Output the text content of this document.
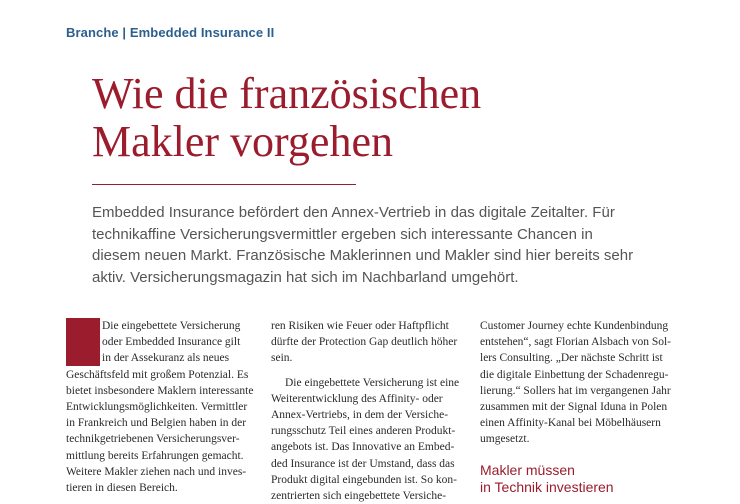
Branche | Embedded Insurance II
Wie die französischen
Makler vorgehen
Embedded Insurance befördert den Annex-Vertrieb in das digitale Zeitalter. Für
technikaffine Versicherungsvermittler ergeben sich interessante Chancen in
diesem neuen Markt. Französische Maklerinnen und Makler sind hier bereits sehr
aktiv. Versicherungsmagazin hat sich im Nachbarland umgehört.
Die eingebettete Versicherung
oder Embedded Insurance gilt
in der Assekuranz als neues
Geschäftsfeld mit großem Potenzial. Es
bietet insbesondere Maklern interessante
Entwicklungsmöglichkeiten. Vermittler
in Frankreich und Belgien haben in der
technikgetriebenen Versicherungsver-
mittlung bereits Erfahrungen gemacht.
Weitere Makler ziehen nach und inves-
tieren in diesen Bereich.
ren Risiken wie Feuer oder Haftpflicht
dürfte der Protection Gap deutlich höher
sein.
Die eingebettete Versicherung ist eine
Weiterentwicklung des Affinity- oder
Annex-Vertriebs, in dem der Versiche-
rungsschutz Teil eines anderen Produkt-
angebots ist. Das Innovative an Embed-
ded Insurance ist der Umstand, dass das
Produkt digital eingebunden ist. So kon-
zentrierten sich eingebettete Versiche-
Customer Journey echte Kundenbindung
entstehen“, sagt Florian Alsbach von Sol-
lers Consulting. „Der nächste Schritt ist
die digitale Einbettung der Schadenregu-
lierung.“ Sollers hat im vergangenen Jahr
zusammen mit der Signal Iduna in Polen
einen Affinity-Kanal bei Möbelhäusern
umgesetzt.
Makler müssen
in Technik investieren
